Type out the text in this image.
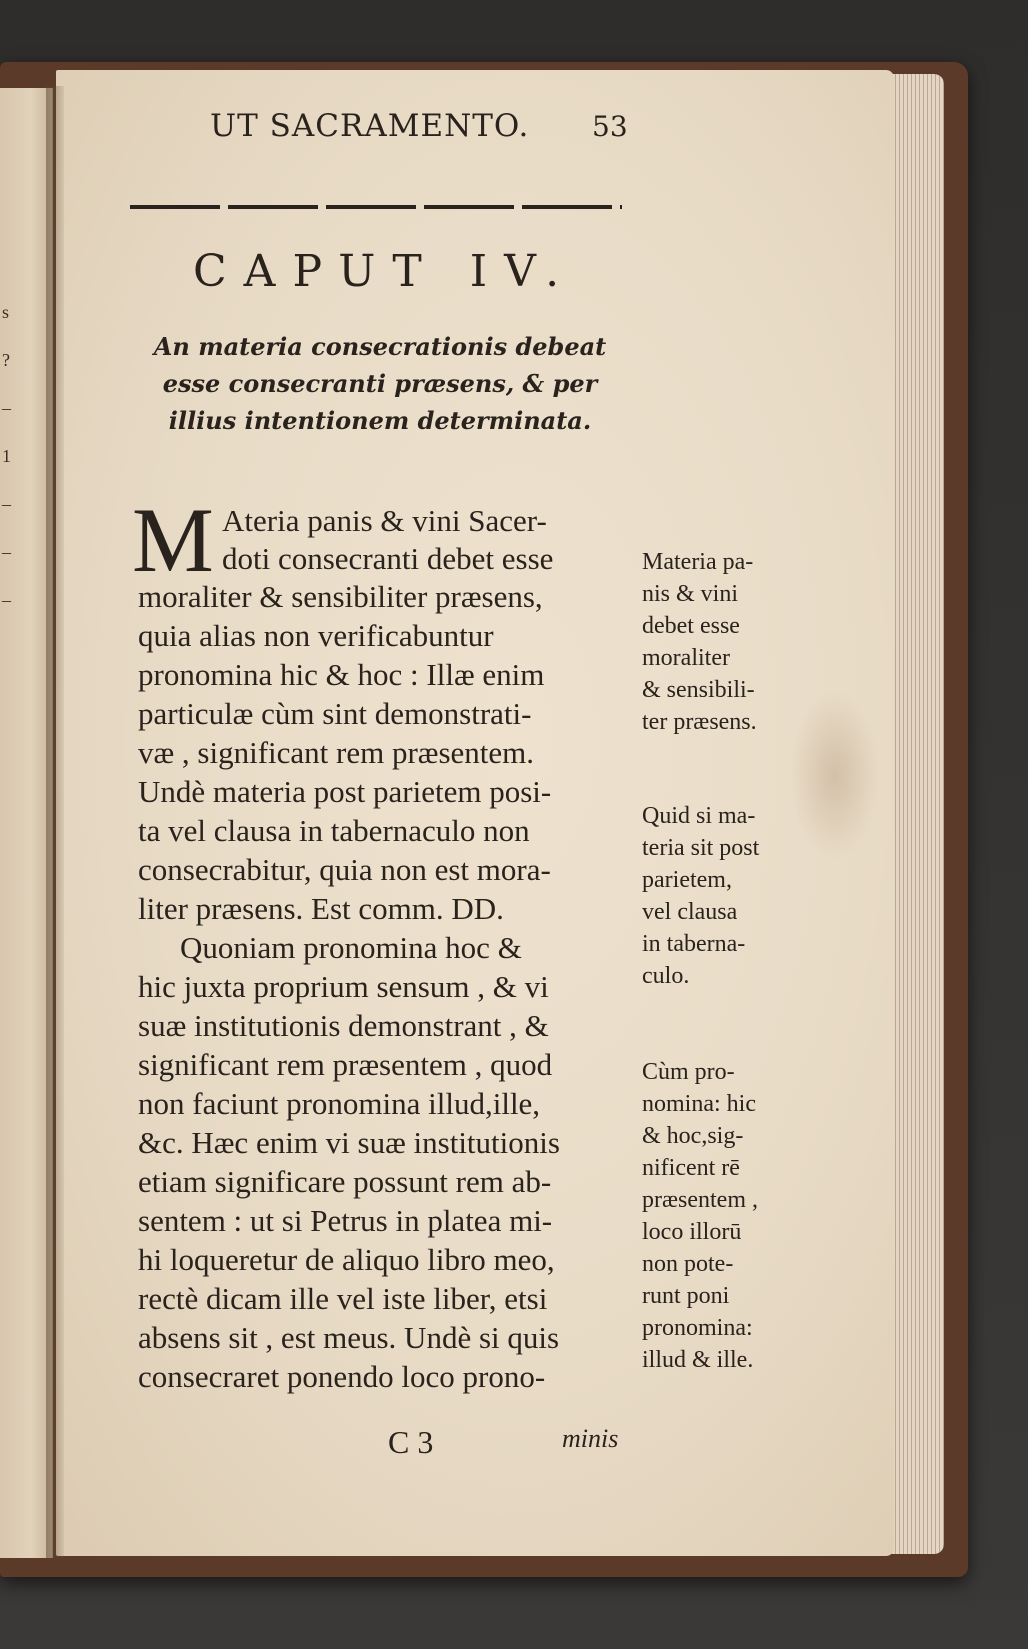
s
?
–
1
–
–
–
UT SACRAMENTO. 53
CAPUT IV.
An materia consecrationis debeat esse consecranti præsens, & per illius intentionem determinata.
M Ateria panis & vini Sacer-
doti consecranti debet esse
moraliter & sensibiliter præsens,
quia alias non verificabuntur
pronomina hic & hoc : Illæ enim
particulæ cùm sint demonstrati-
væ , significant rem præsentem.
Undè materia post parietem posi-
ta vel clausa in tabernaculo non
consecrabitur, quia non est mora-
liter præsens. Est comm. DD.
Quoniam pronomina hoc &
hic juxta proprium sensum , & vi
suæ institutionis demonstrant , &
significant rem præsentem , quod
non faciunt pronomina illud,ille,
&c. Hæc enim vi suæ institutionis
etiam significare possunt rem ab-
sentem : ut si Petrus in platea mi-
hi loqueretur de aliquo libro meo,
rectè dicam ille vel iste liber, etsi
absens sit , est meus. Undè si quis
consecraret ponendo loco prono-
Materia pa-
nis & vini
debet esse
moraliter
& sensibili-
ter præsens.
Quid si ma-
teria sit post
parietem,
vel clausa
in taberna-
culo.
Cùm pro-
nomina: hic
& hoc,sig-
nificent rē
præsentem ,
loco illorū
non pote-
runt poni
pronomina:
illud & ille.
C 3	minis
